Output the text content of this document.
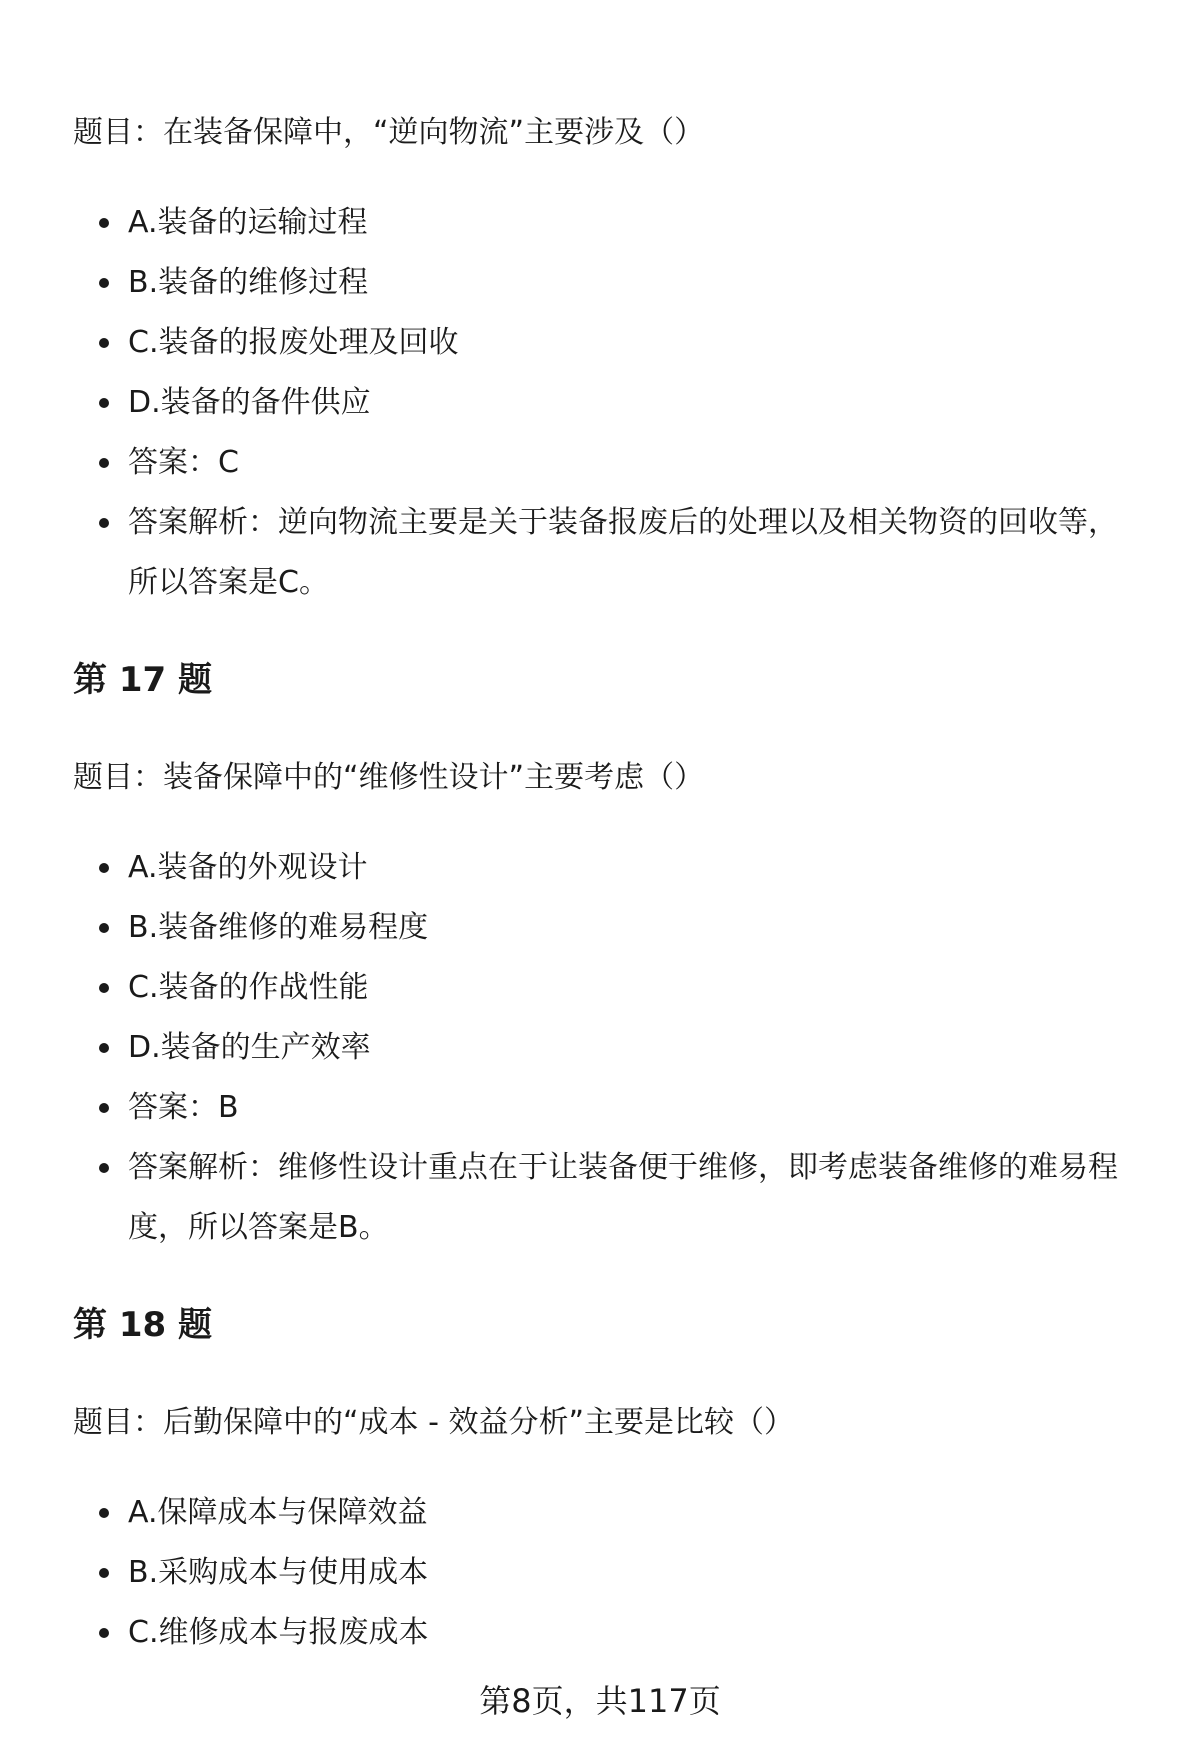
题目：在装备保障中，“逆向物流”主要涉及（）

A.装备的运输过程
B.装备的维修过程
C.装备的报废处理及回收
D.装备的备件供应
答案：C
答案解析：逆向物流主要是关于装备报废后的处理以及相关物资的回收等，所以答案是C。

第 17 题

题目：装备保障中的“维修性设计”主要考虑（）

A.装备的外观设计
B.装备维修的难易程度
C.装备的作战性能
D.装备的生产效率
答案：B
答案解析：维修性设计重点在于让装备便于维修，即考虑装备维修的难易程度，所以答案是B。

第 18 题

题目：后勤保障中的“成本 - 效益分析”主要是比较（）

A.保障成本与保障效益
B.采购成本与使用成本
C.维修成本与报废成本
第8页，共117页
